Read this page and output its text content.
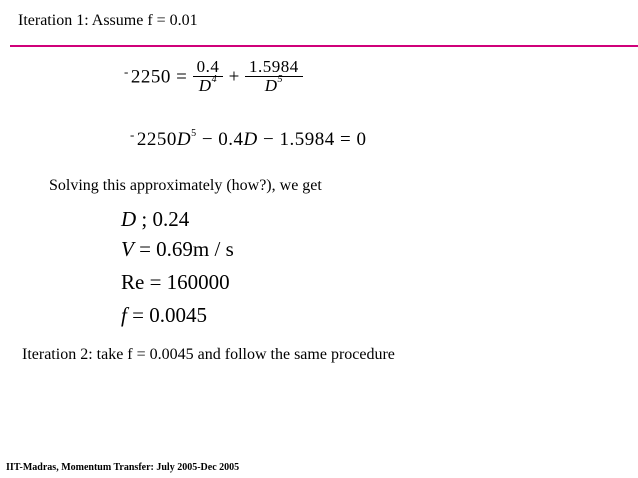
Iteration 1: Assume f = 0.01
- $2250 = \frac{0.4}{D^4} + \frac{1.5984}{D^5}$
- $2250D^5 - 0.4D - 1.5984 = 0$
Solving this approximately (how?), we get
D ; 0.24
V = 0.69m / s
Re = 160000
f = 0.0045
Iteration 2: take f = 0.0045 and follow the same procedure
IIT-Madras, Momentum Transfer: July 2005-Dec 2005
